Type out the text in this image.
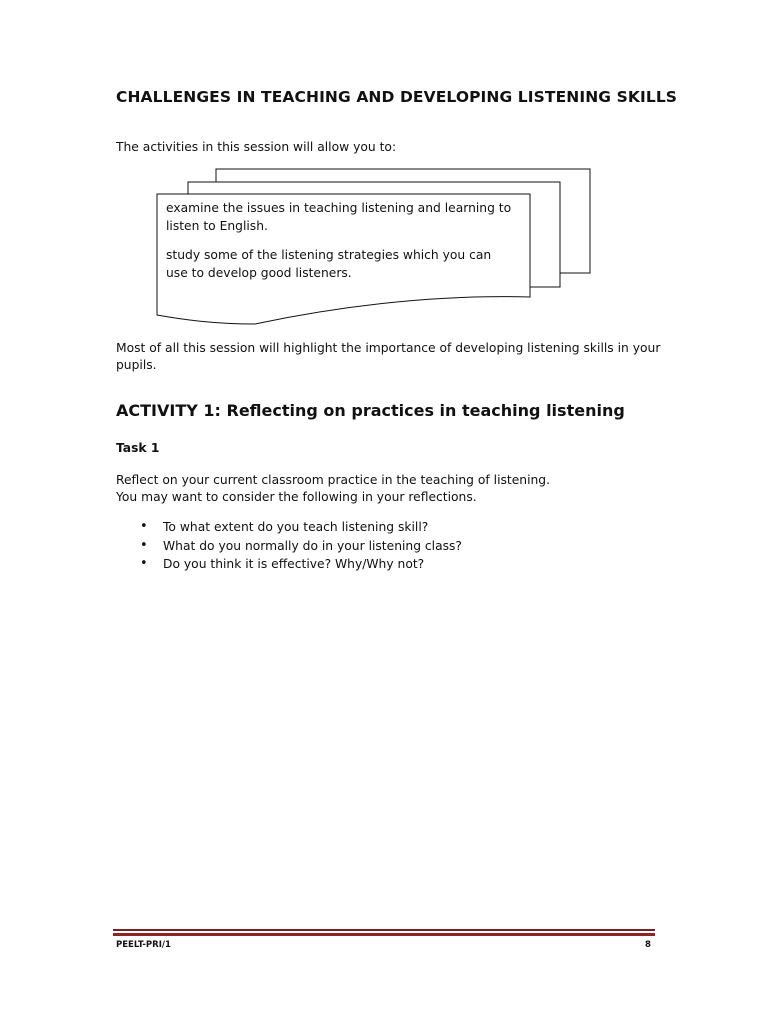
CHALLENGES IN TEACHING AND DEVELOPING LISTENING SKILLS

The activities in this session will allow you to:

examine the issues in teaching listening and learning to listen to English.

study some of the listening strategies which you can use to develop good listeners.

Most of all this session will highlight the importance of developing listening skills in your pupils.

ACTIVITY 1: Reflecting on practices in teaching listening

Task 1

Reflect on your current classroom practice in the teaching of listening.
You may want to consider the following in your reflections.

• To what extent do you teach listening skill?
• What do you normally do in your listening class?
• Do you think it is effective? Why/Why not?

PEELT-PRI/1	8
